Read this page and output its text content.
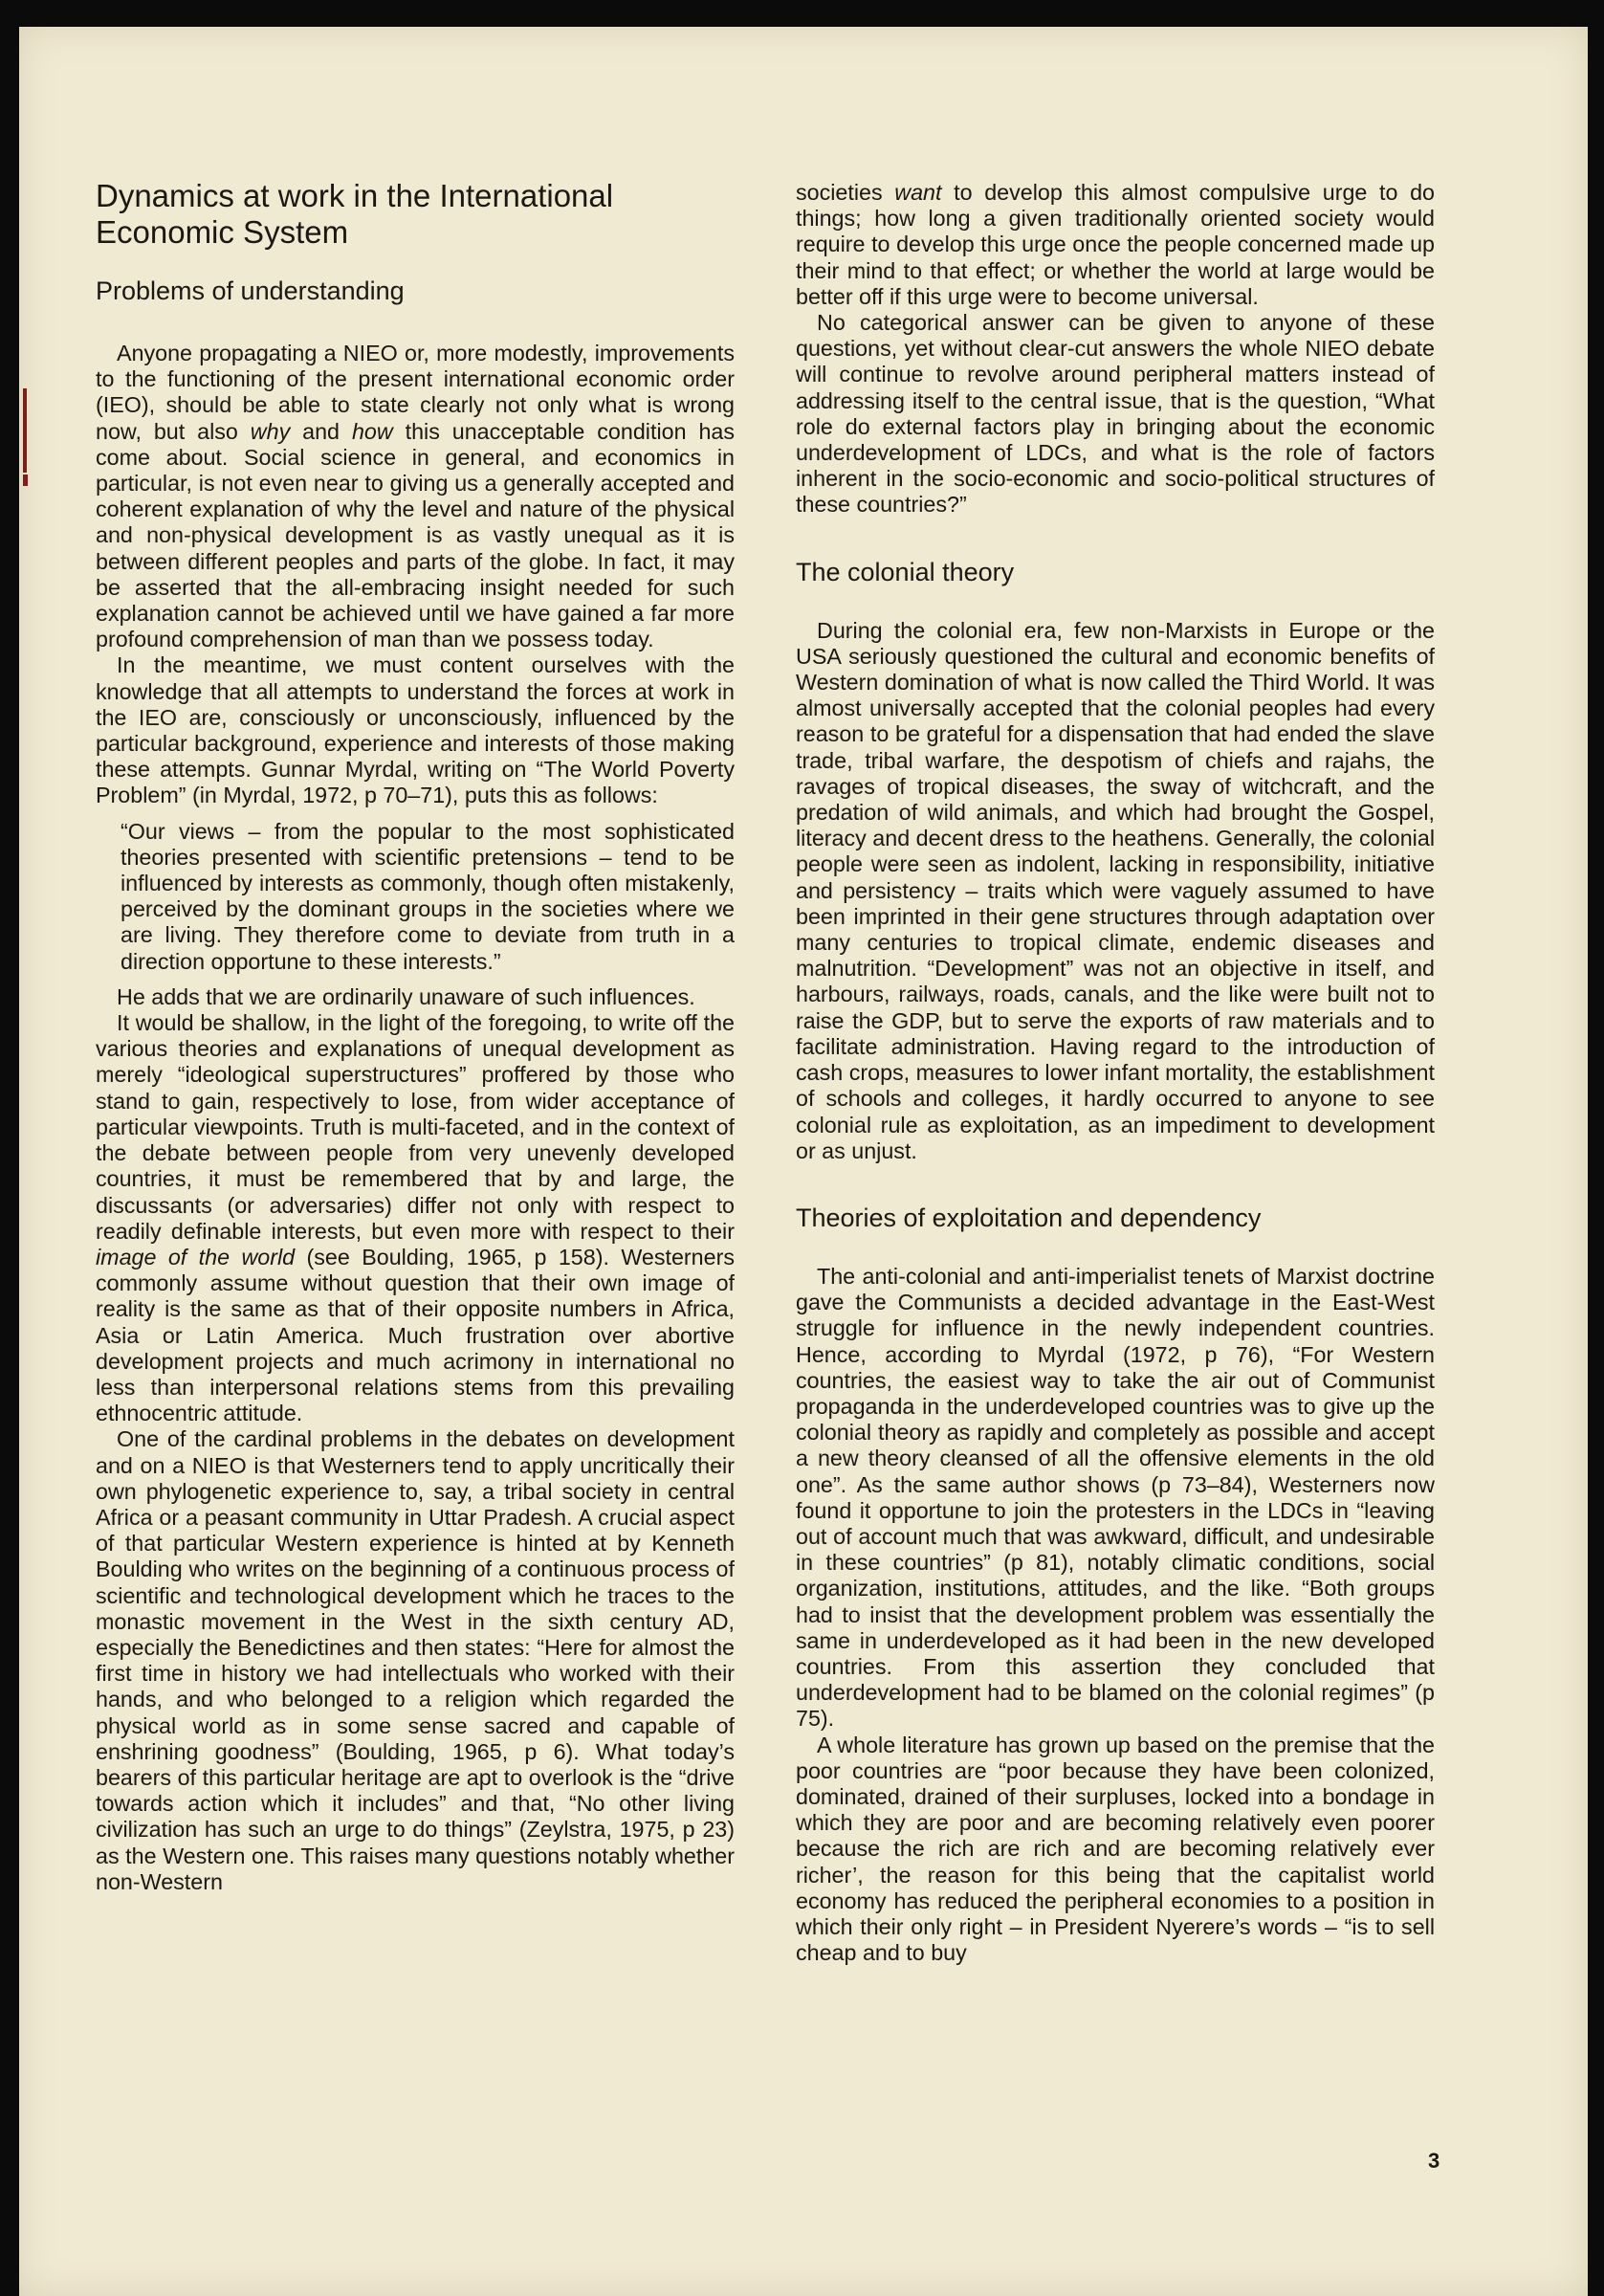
Dynamics at work in the International Economic System
Problems of understanding

Anyone propagating a NIEO or, more modestly, improvements to the functioning of the present international economic order (IEO), should be able to state clearly not only what is wrong now, but also why and how this unacceptable condition has come about. Social science in general, and economics in particular, is not even near to giving us a generally accepted and coherent explanation of why the level and nature of the physical and non-physical development is as vastly unequal as it is between different peoples and parts of the globe. In fact, it may be asserted that the all-embracing insight needed for such explanation cannot be achieved until we have gained a far more profound comprehension of man than we possess today.

In the meantime, we must content ourselves with the knowledge that all attempts to understand the forces at work in the IEO are, consciously or unconsciously, influenced by the particular background, experience and interests of those making these attempts. Gunnar Myrdal, writing on “The World Poverty Problem” (in Myrdal, 1972, p 70–71), puts this as follows:

“Our views – from the popular to the most sophisticated theories presented with scientific pretensions – tend to be influenced by interests as commonly, though often mistakenly, perceived by the dominant groups in the societies where we are living. They therefore come to deviate from truth in a direction opportune to these interests.”

He adds that we are ordinarily unaware of such influences.

It would be shallow, in the light of the foregoing, to write off the various theories and explanations of unequal development as merely “ideological superstructures” proffered by those who stand to gain, respectively to lose, from wider acceptance of particular viewpoints. Truth is multi-faceted, and in the context of the debate between people from very unevenly developed countries, it must be remembered that by and large, the discussants (or adversaries) differ not only with respect to readily definable interests, but even more with respect to their image of the world (see Boulding, 1965, p 158). Westerners commonly assume without question that their own image of reality is the same as that of their opposite numbers in Africa, Asia or Latin America. Much frustration over abortive development projects and much acrimony in international no less than interpersonal relations stems from this prevailing ethnocentric attitude.

One of the cardinal problems in the debates on development and on a NIEO is that Westerners tend to apply uncritically their own phylogenetic experience to, say, a tribal society in central Africa or a peasant community in Uttar Pradesh. A crucial aspect of that particular Western experience is hinted at by Kenneth Boulding who writes on the beginning of a continuous process of scientific and technological development which he traces to the monastic movement in the West in the sixth century AD, especially the Benedictines and then states: “Here for almost the first time in history we had intellectuals who worked with their hands, and who belonged to a religion which regarded the physical world as in some sense sacred and capable of enshrining goodness” (Boulding, 1965, p 6). What today’s bearers of this particular heritage are apt to overlook is the “drive towards action which it includes” and that, “No other living civilization has such an urge to do things” (Zeylstra, 1975, p 23) as the Western one. This raises many questions notably whether non-Western

societies want to develop this almost compulsive urge to do things; how long a given traditionally oriented society would require to develop this urge once the people concerned made up their mind to that effect; or whether the world at large would be better off if this urge were to become universal.

No categorical answer can be given to anyone of these questions, yet without clear-cut answers the whole NIEO debate will continue to revolve around peripheral matters instead of addressing itself to the central issue, that is the question, “What role do external factors play in bringing about the economic underdevelopment of LDCs, and what is the role of factors inherent in the socio-economic and socio-political structures of these countries?”

The colonial theory

During the colonial era, few non-Marxists in Europe or the USA seriously questioned the cultural and economic benefits of Western domination of what is now called the Third World. It was almost universally accepted that the colonial peoples had every reason to be grateful for a dispensation that had ended the slave trade, tribal warfare, the despotism of chiefs and rajahs, the ravages of tropical diseases, the sway of witchcraft, and the predation of wild animals, and which had brought the Gospel, literacy and decent dress to the heathens. Generally, the colonial people were seen as indolent, lacking in responsibility, initiative and persistency – traits which were vaguely assumed to have been imprinted in their gene structures through adaptation over many centuries to tropical climate, endemic diseases and malnutrition. “Development” was not an objective in itself, and harbours, railways, roads, canals, and the like were built not to raise the GDP, but to serve the exports of raw materials and to facilitate administration. Having regard to the introduction of cash crops, measures to lower infant mortality, the establishment of schools and colleges, it hardly occurred to anyone to see colonial rule as exploitation, as an impediment to development or as unjust.

Theories of exploitation and dependency

The anti-colonial and anti-imperialist tenets of Marxist doctrine gave the Communists a decided advantage in the East-West struggle for influence in the newly independent countries. Hence, according to Myrdal (1972, p 76), “For Western countries, the easiest way to take the air out of Communist propaganda in the underdeveloped countries was to give up the colonial theory as rapidly and completely as possible and accept a new theory cleansed of all the offensive elements in the old one”. As the same author shows (p 73–84), Westerners now found it opportune to join the protesters in the LDCs in “leaving out of account much that was awkward, difficult, and undesirable in these countries” (p 81), notably climatic conditions, social organization, institutions, attitudes, and the like. “Both groups had to insist that the development problem was essentially the same in underdeveloped as it had been in the new developed countries. From this assertion they concluded that underdevelopment had to be blamed on the colonial regimes” (p 75).

A whole literature has grown up based on the premise that the poor countries are “poor because they have been colonized, dominated, drained of their surpluses, locked into a bondage in which they are poor and are becoming relatively even poorer because the rich are rich and are becoming relatively ever richer’, the reason for this being that the capitalist world economy has reduced the peripheral economies to a position in which their only right – in President Nyerere’s words – “is to sell cheap and to buy

3
